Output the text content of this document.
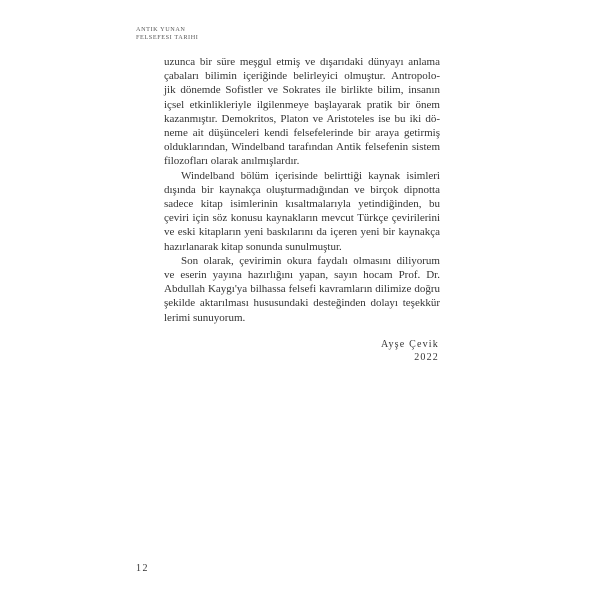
ANTIK YUNAN
FELSEFESI TARIHI
uzunca bir süre meşgul etmiş ve dışarıdaki dünyayı anlama
çabaları bilimin içeriğinde belirleyici olmuştur. Antropolo-
jik dönemde Sofistler ve Sokrates ile birlikte bilim, insanın
içsel etkinlikleriyle ilgilenmeye başlayarak pratik bir önem
kazanmıştır. Demokritos, Platon ve Aristoteles ise bu iki dö-
neme ait düşünceleri kendi felsefelerinde bir araya getirmiş
olduklarından, Windelband tarafından Antik felsefenin sistem
filozofları olarak anılmışlardır.
Windelband bölüm içerisinde belirttiği kaynak isimleri
dışında bir kaynakça oluşturmadığından ve birçok dipnotta
sadece kitap isimlerinin kısaltmalarıyla yetindiğinden, bu
çeviri için söz konusu kaynakların mevcut Türkçe çevirilerini
ve eski kitapların yeni baskılarını da içeren yeni bir kaynakça
hazırlanarak kitap sonunda sunulmuştur.
Son olarak, çevirimin okura faydalı olmasını diliyorum
ve eserin yayına hazırlığını yapan, sayın hocam Prof. Dr.
Abdullah Kaygı'ya bilhassa felsefi kavramların dilimize doğru
şekilde aktarılması hususundaki desteğinden dolayı teşekkür
lerimi sunuyorum.
Ayşe Çevik
2022
12
